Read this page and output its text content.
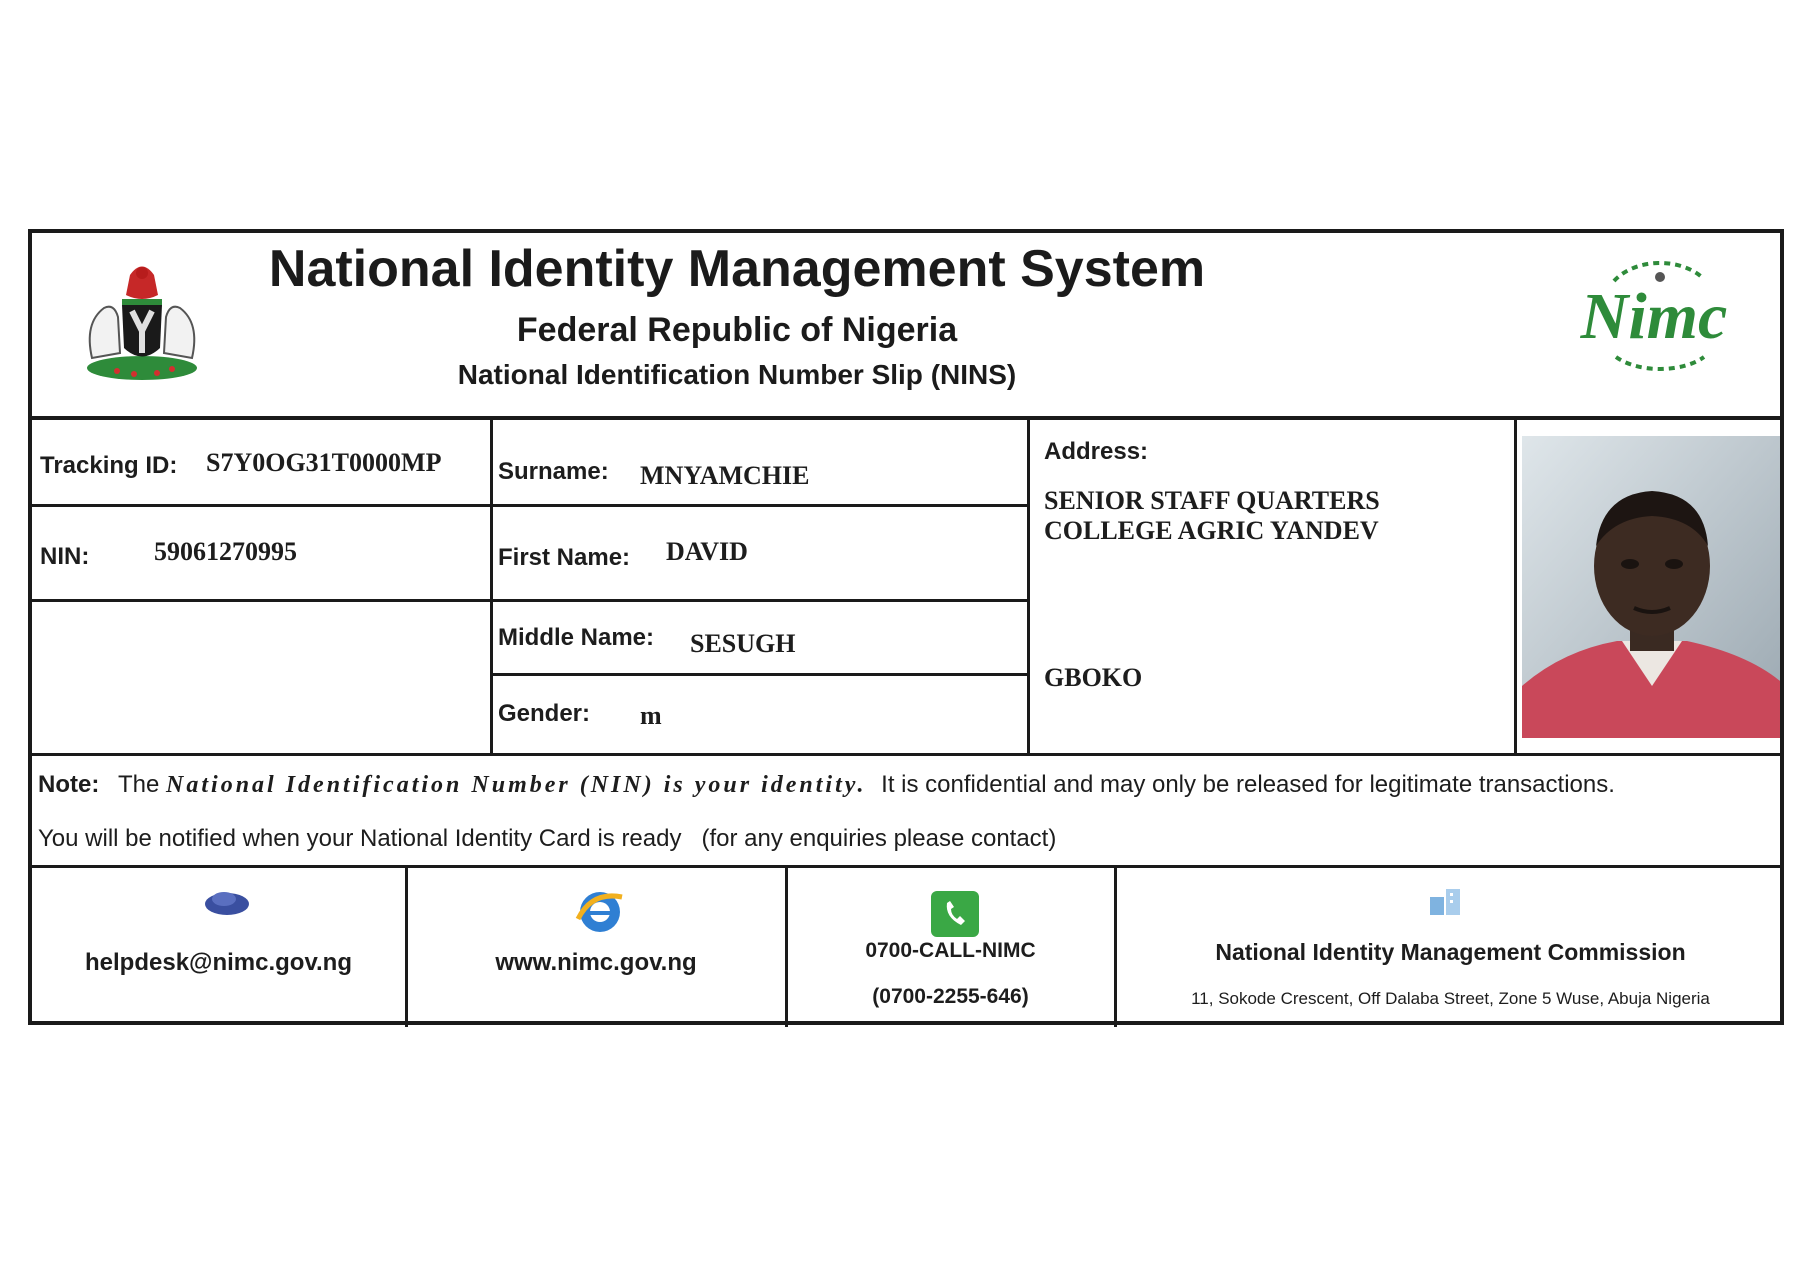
National Identity Management System
Federal Republic of Nigeria
National Identification Number Slip (NINS)
Nimc
Tracking ID: S7Y0OG31T0000MP
NIN: 59061270995
Surname: MNYAMCHIE
First Name: DAVID
Middle Name: SESUGH
Gender: m
Address:
SENIOR STAFF QUARTERS
COLLEGE AGRIC YANDEV
GBOKO
Note: The National Identification Number (NIN) is your identity. It is confidential and may only be released for legitimate transactions.
You will be notified when your National Identity Card is ready   (for any enquiries please contact)
helpdesk@nimc.gov.ng	www.nimc.gov.ng	0700-CALL-NIMC
(0700-2255-646)
National Identity Management Commission
11, Sokode Crescent, Off Dalaba Street, Zone 5 Wuse, Abuja Nigeria
